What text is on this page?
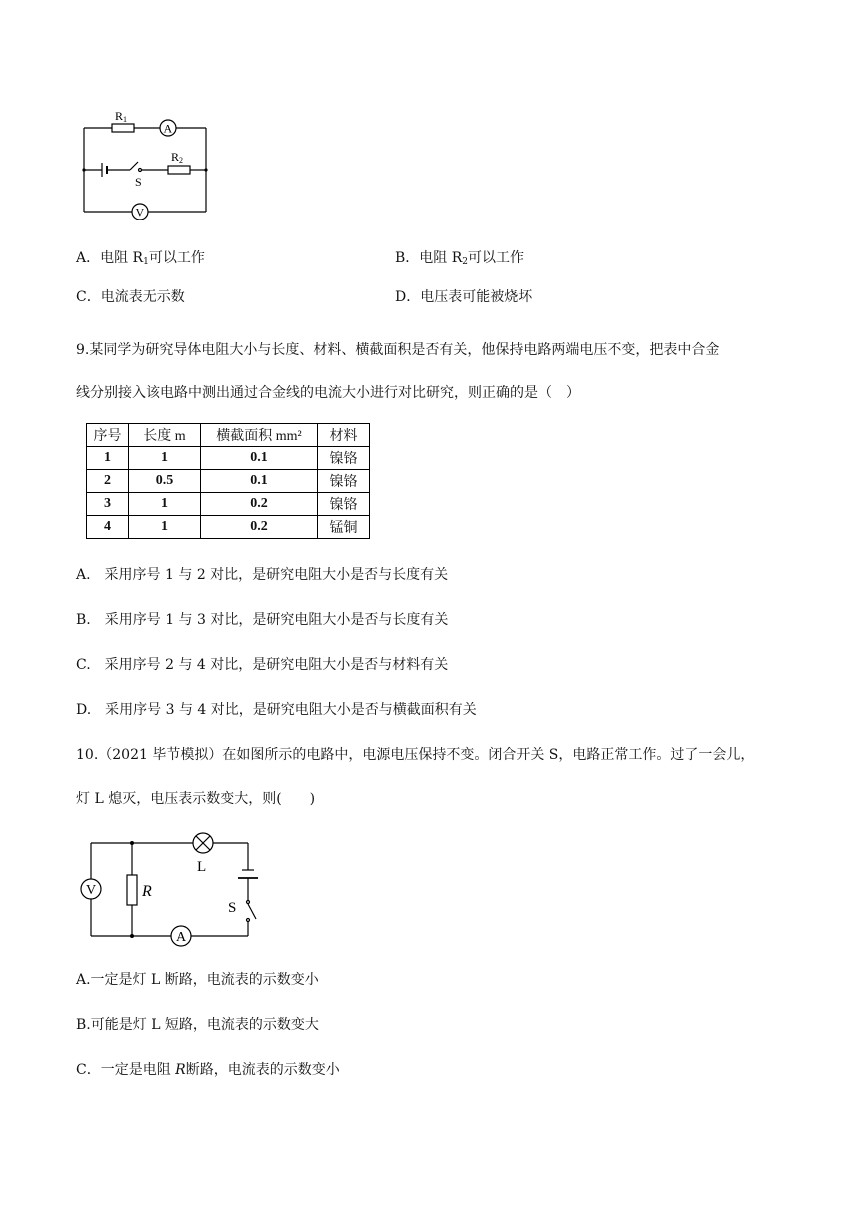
R1
A
R2
S
V
A．电阻 $R_1$可以工作	B．电阻 $R_2$可以工作
C．电流表无示数	D．电压表可能被烧坏
9.某同学为研究导体电阻大小与长度、材料、横截面积是否有关，他保持电路两端电压不变，把表中合金
线分别接入该电路中测出通过合金线的电流大小进行对比研究，则正确的是（　）
序号	长度 m	横截面积 mm²	材料
1	1	0.1	镍铬
2	0.5	0.1	镍铬
3	1	0.2	镍铬
4	1	0.2	锰铜
A.　采用序号 1 与 2 对比，是研究电阻大小是否与长度有关
B.　采用序号 1 与 3 对比，是研究电阻大小是否与长度有关
C.　采用序号 2 与 4 对比，是研究电阻大小是否与材料有关
D.　采用序号 3 与 4 对比，是研究电阻大小是否与横截面积有关
10.（2021 毕节模拟）在如图所示的电路中，电源电压保持不变。闭合开关 S，电路正常工作。过了一会儿，
灯 L 熄灭，电压表示数变大，则(　　)
V	R
L
S
A
A.一定是灯 L 断路，电流表的示数变小
B.可能是灯 L 短路，电流表的示数变大
C．一定是电阻 R断路，电流表的示数变小
